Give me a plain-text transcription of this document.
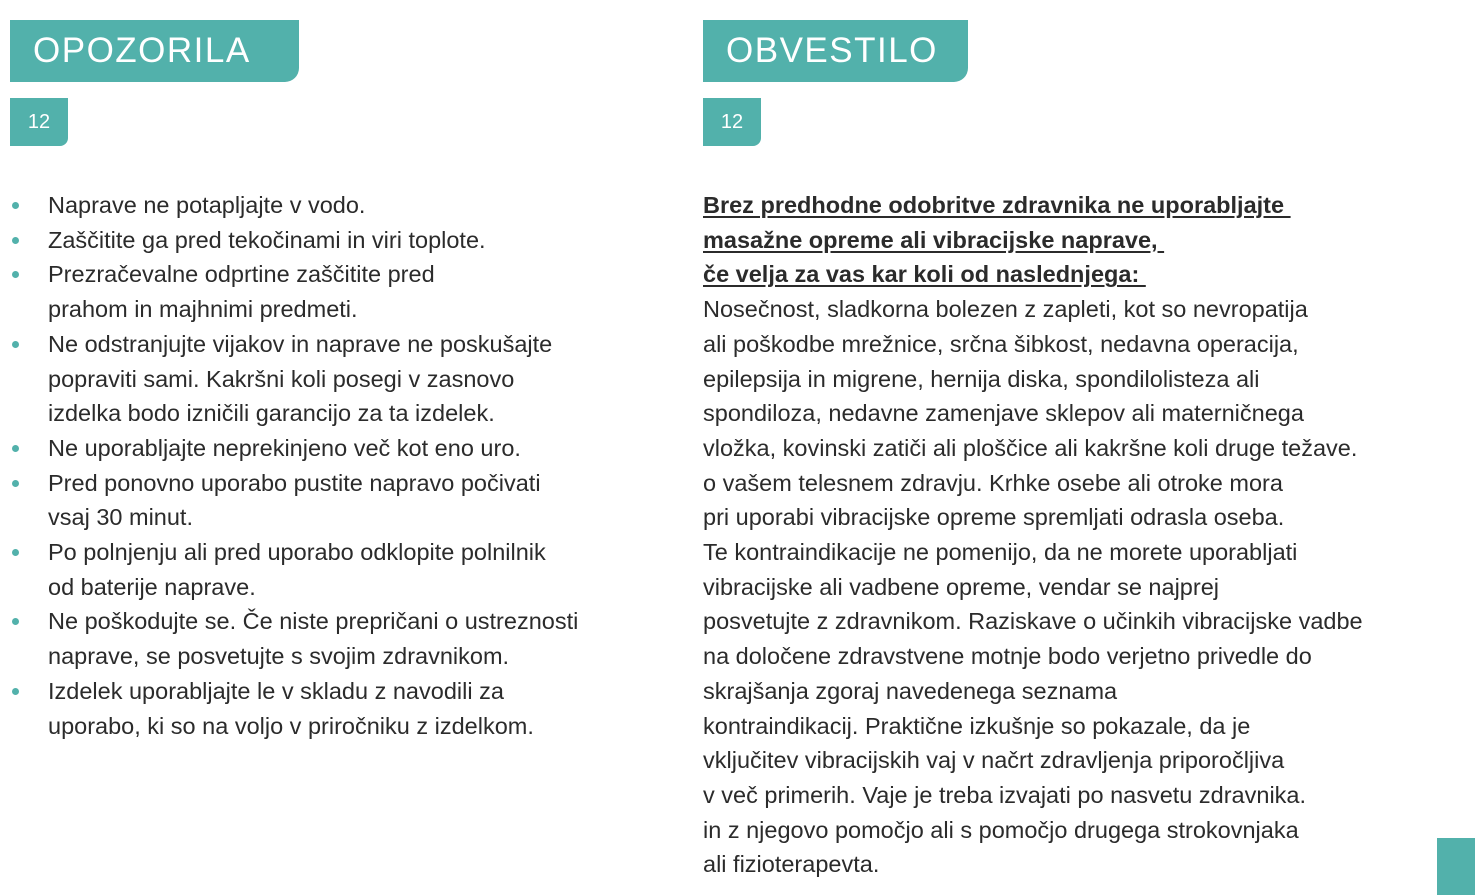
OPOZORILA
12
OBVESTILO
12
Naprave ne potapljajte v vodo.
Zaščitite ga pred tekočinami in viri toplote.
Prezračevalne odprtine zaščitite pred
prahom in majhnimi predmeti.
Ne odstranjujte vijakov in naprave ne poskušajte
popraviti sami. Kakršni koli posegi v zasnovo
izdelka bodo izničili garancijo za ta izdelek.
Ne uporabljajte neprekinjeno več kot eno uro.
Pred ponovno uporabo pustite napravo počivati
vsaj 30 minut.
Po polnjenju ali pred uporabo odklopite polnilnik
od baterije naprave.
Ne poškodujte se. Če niste prepričani o ustreznosti
naprave, se posvetujte s svojim zdravnikom.
Izdelek uporabljajte le v skladu z navodili za
uporabo, ki so na voljo v priročniku z izdelkom.
Brez predhodne odobritve zdravnika ne uporabljajte
masažne opreme ali vibracijske naprave,
če velja za vas kar koli od naslednjega:
Nosečnost, sladkorna bolezen z zapleti, kot so nevropatija
ali poškodbe mrežnice, srčna šibkost, nedavna operacija,
epilepsija in migrene, hernija diska, spondilolisteza ali
spondiloza, nedavne zamenjave sklepov ali materničnega
vložka, kovinski zatiči ali ploščice ali kakršne koli druge težave.
o vašem telesnem zdravju. Krhke osebe ali otroke mora
pri uporabi vibracijske opreme spremljati odrasla oseba.
Te kontraindikacije ne pomenijo, da ne morete uporabljati
vibracijske ali vadbene opreme, vendar se najprej
posvetujte z zdravnikom. Raziskave o učinkih vibracijske vadbe
na določene zdravstvene motnje bodo verjetno privedle do
skrajšanja zgoraj navedenega seznama
kontraindikacij. Praktične izkušnje so pokazale, da je
vključitev vibracijskih vaj v načrt zdravljenja priporočljiva
v več primerih. Vaje je treba izvajati po nasvetu zdravnika.
in z njegovo pomočjo ali s pomočjo drugega strokovnjaka
ali fizioterapevta.
